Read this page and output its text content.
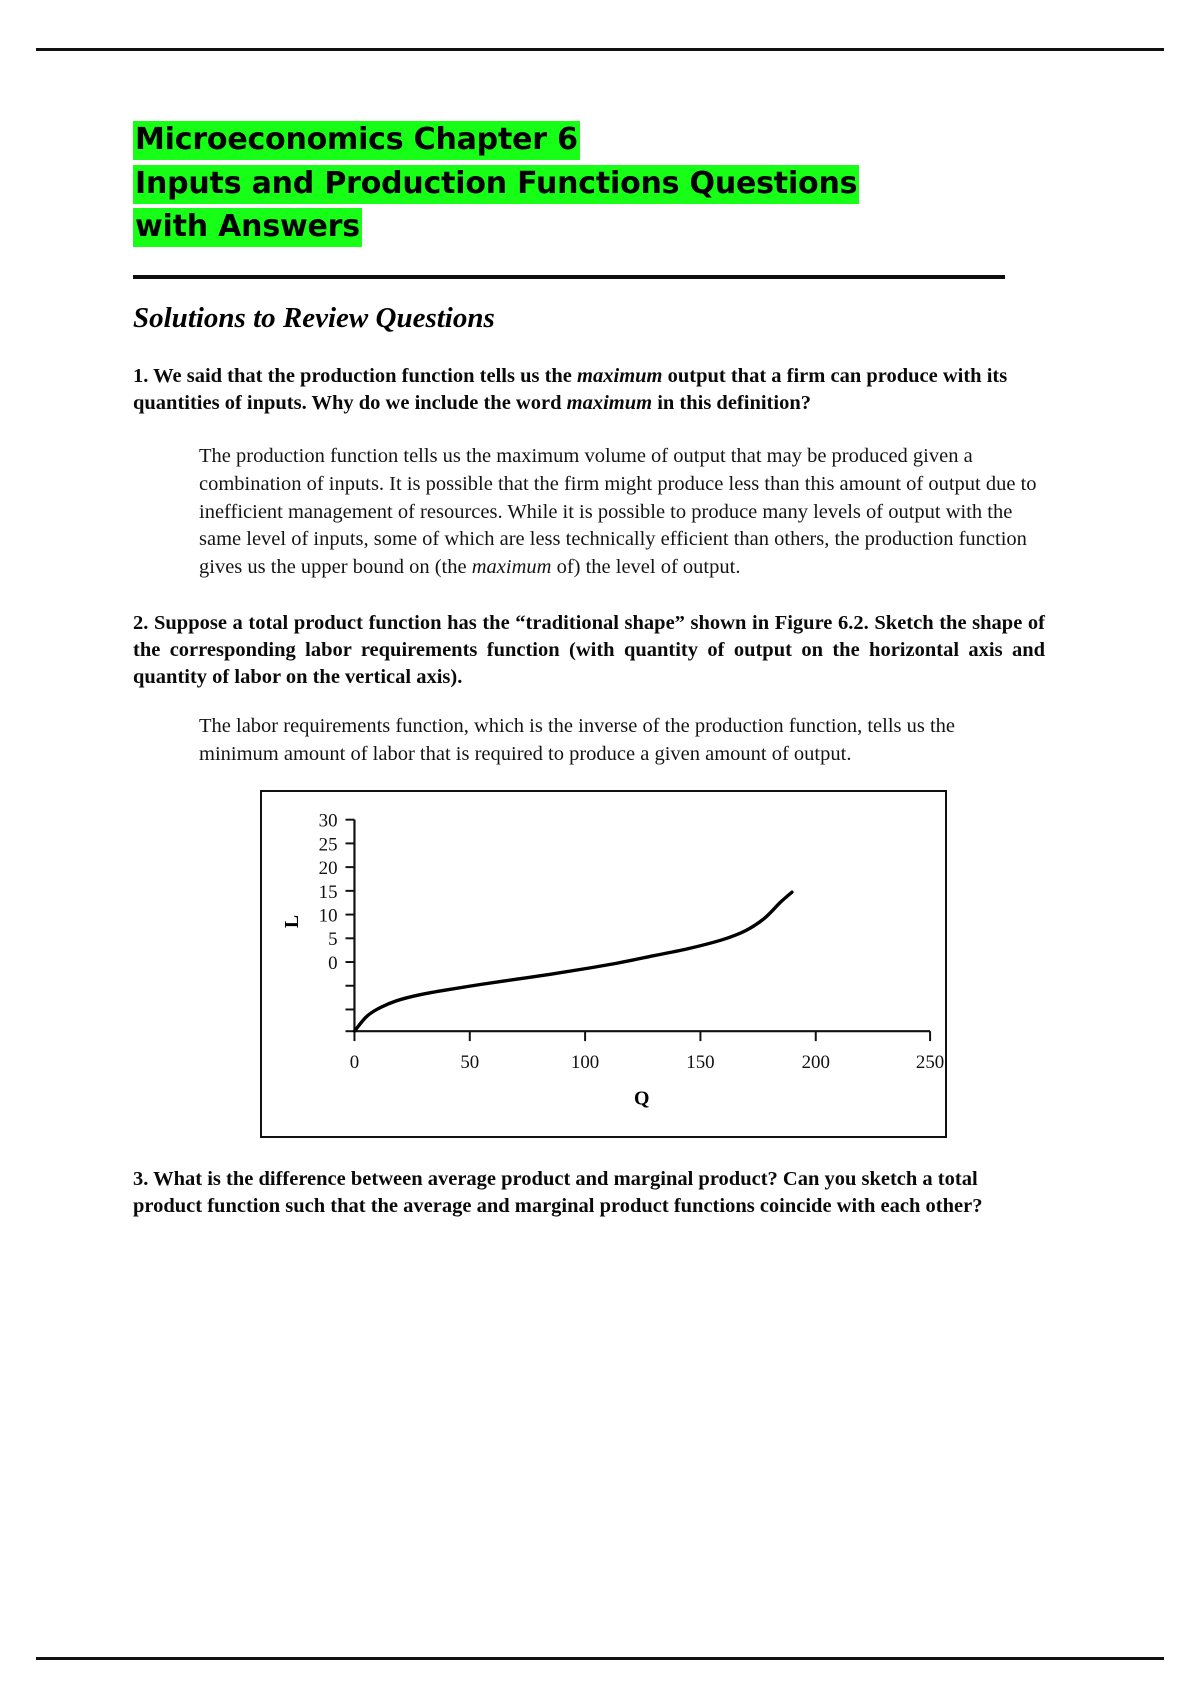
Microeconomics Chapter 6
Inputs and Production Functions Questions
with Answers
Solutions to Review Questions

1. We said that the production function tells us the maximum output that a firm can produce with its quantities of inputs. Why do we include the word maximum in this definition?

The production function tells us the maximum volume of output that may be produced given a combination of inputs. It is possible that the firm might produce less than this amount of output due to inefficient management of resources. While it is possible to produce many levels of output with the same level of inputs, some of which are less technically efficient than others, the production function gives us the upper bound on (the maximum of) the level of output.

2. Suppose a total product function has the “traditional shape” shown in Figure 6.2. Sketch the shape of the corresponding labor requirements function (with quantity of output on the horizontal axis and quantity of labor on the vertical axis).

The labor requirements function, which is the inverse of the production function, tells us the minimum amount of labor that is required to produce a given amount of output.

30
25
20
15
10
5
0
L
0	50	100	150	200	250
Q

3. What is the difference between average product and marginal product? Can you sketch a total product function such that the average and marginal product functions coincide with each other?
